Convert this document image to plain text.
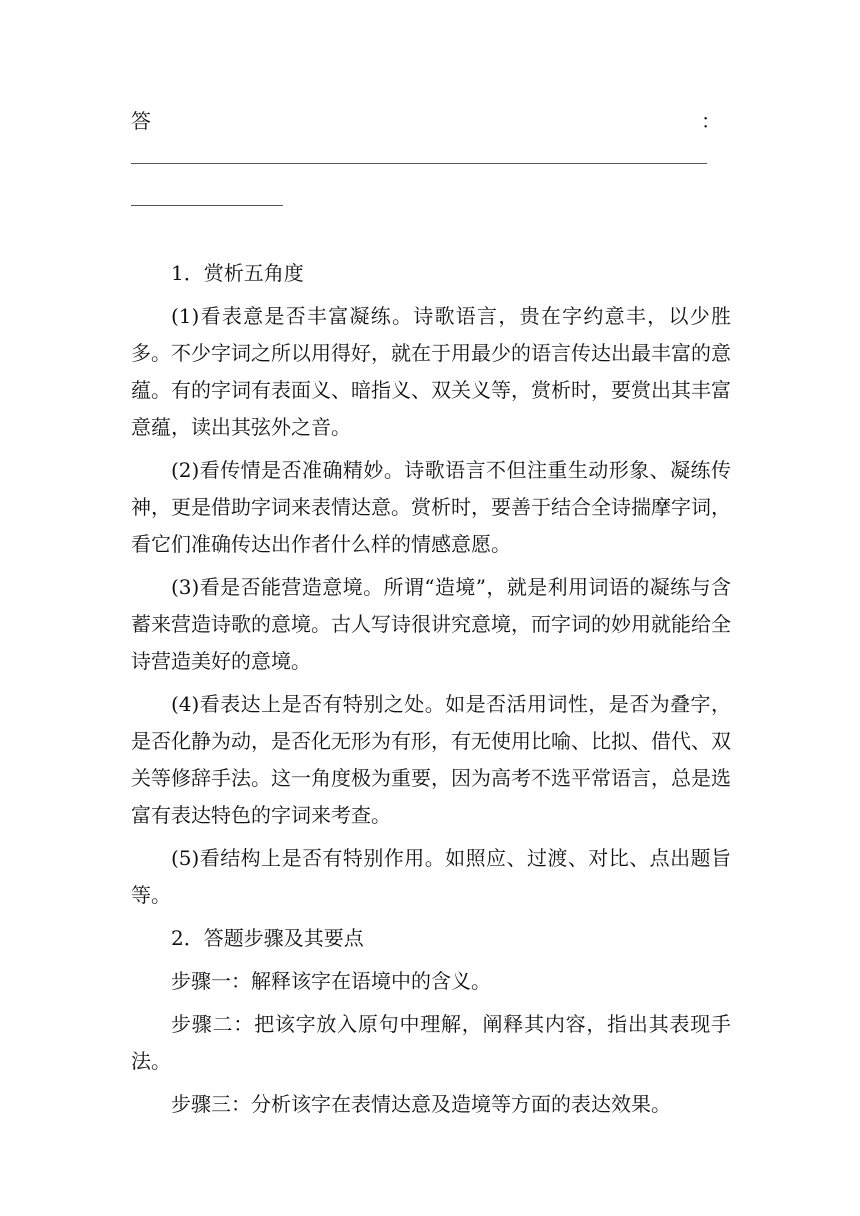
答	：

1．赏析五角度

(1)看表意是否丰富凝练。诗歌语言，贵在字约意丰，以少胜多。不少字词之所以用得好，就在于用最少的语言传达出最丰富的意蕴。有的字词有表面义、暗指义、双关义等，赏析时，要赏出其丰富意蕴，读出其弦外之音。

(2)看传情是否准确精妙。诗歌语言不但注重生动形象、凝练传神，更是借助字词来表情达意。赏析时，要善于结合全诗揣摩字词，看它们准确传达出作者什么样的情感意愿。

(3)看是否能营造意境。所谓“造境”，就是利用词语的凝练与含蓄来营造诗歌的意境。古人写诗很讲究意境，而字词的妙用就能给全诗营造美好的意境。

(4)看表达上是否有特别之处。如是否活用词性，是否为叠字，是否化静为动，是否化无形为有形，有无使用比喻、比拟、借代、双关等修辞手法。这一角度极为重要，因为高考不选平常语言，总是选富有表达特色的字词来考查。

(5)看结构上是否有特别作用。如照应、过渡、对比、点出题旨等。

2．答题步骤及其要点

步骤一：解释该字在语境中的含义。

步骤二：把该字放入原句中理解，阐释其内容，指出其表现手法。

步骤三：分析该字在表情达意及造境等方面的表达效果。
